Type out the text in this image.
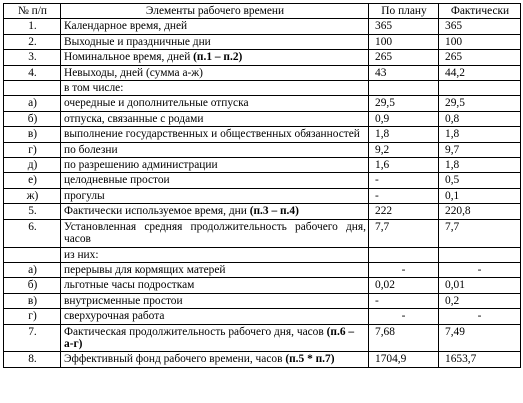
№ п/п	Элементы рабочего времени	По плану	Фактически
1.	Календарное время, дней	365	365
2.	Выходные и праздничные дни	100	100
3.	Номинальное время, дней (п.1 – п.2)	265	265
4.	Невыходы, дней (сумма а-ж)	43	44,2
	в том числе:		
а)	очередные и дополнительные отпуска	29,5	29,5
б)	отпуска, связанные с родами	0,9	0,8
в)	выполнение государственных и общественных обязанностей	1,8	1,8
г)	по болезни	9,2	9,7
д)	по разрешению администрации	1,6	1,8
е)	целодневные простои	-	0,5
ж)	прогулы	-	0,1
5.	Фактически используемое время, дни (п.3 – п.4)	222	220,8
6.	Установленная средняя продолжительность рабочего дня, часов	7,7	7,7
	из них:		
а)	перерывы для кормящих матерей	-	-
б)	льготные часы подросткам	0,02	0,01
в)	внутрисменные простои	-	0,2
г)	сверхурочная работа	-	-
7.	Фактическая продолжительность рабочего дня, часов (п.6 – а-г)	7,68	7,49
8.	Эффективный фонд рабочего времени, часов (п.5 * п.7)	1704,9	1653,7
